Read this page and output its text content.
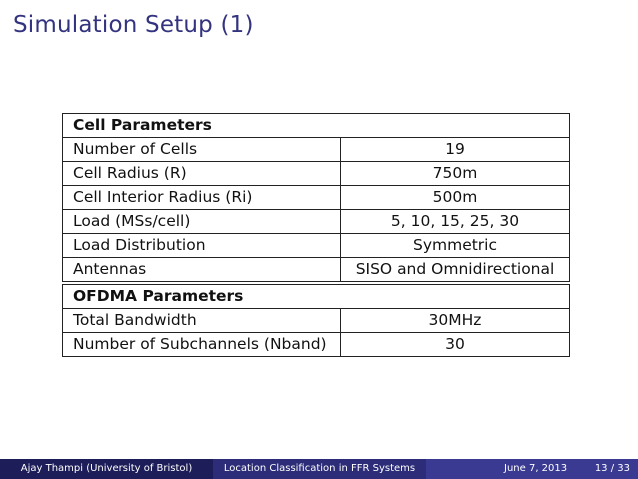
Simulation Setup (1)
Cell Parameters	
Number of Cells	19
Cell Radius (R)	750m
Cell Interior Radius (Ri)	500m
Load (MSs/cell)	5, 10, 15, 25, 30
Load Distribution	Symmetric
Antennas	SISO and Omnidirectional

OFDMA Parameters	
Total Bandwidth	30MHz
Number of Subchannels (Nband)	30
Ajay Thampi (University of Bristol)	Location Classification in FFR Systems	June 7, 2013	13 / 33
